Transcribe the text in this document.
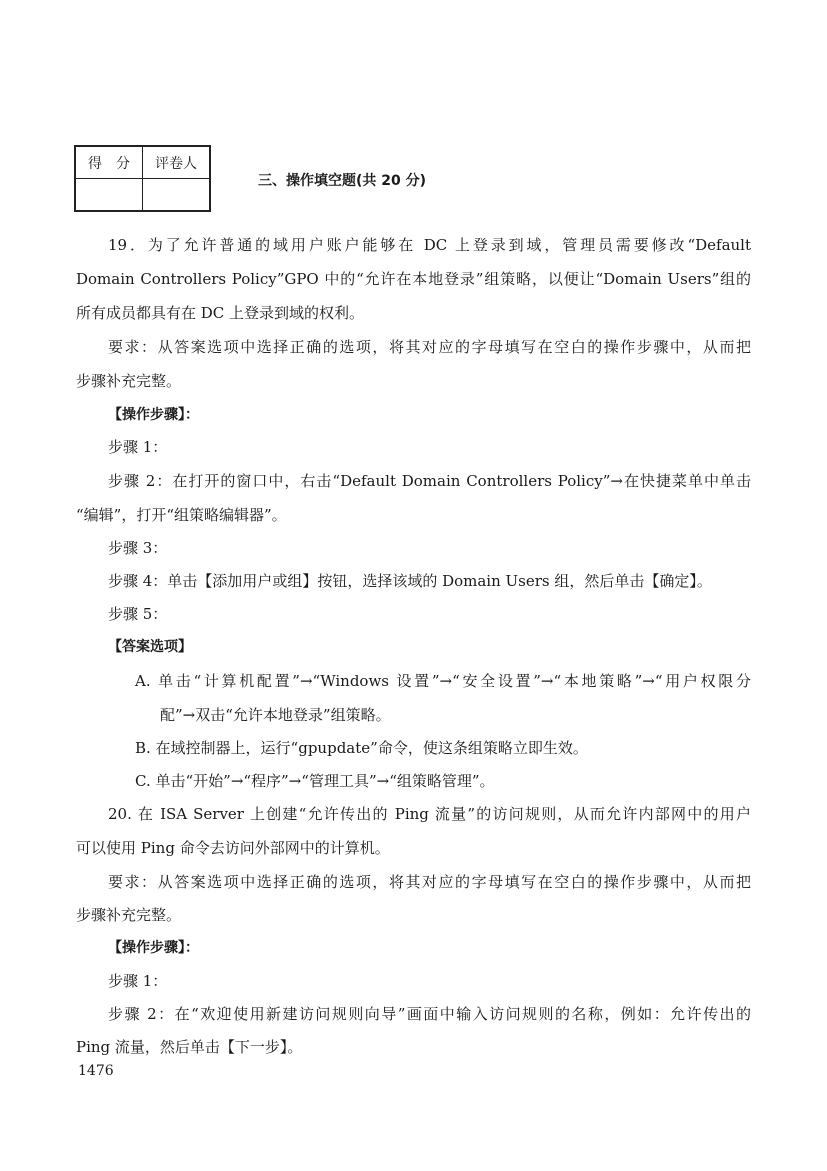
得　分	评卷人

三、操作填空题(共 20 分)
19．为了允许普通的域用户账户能够在 DC 上登录到域，管理员需要修改“Default
Domain Controllers Policy”GPO 中的“允许在本地登录”组策略，以便让“Domain Users”组的
所有成员都具有在 DC 上登录到域的权利。
要求：从答案选项中选择正确的选项，将其对应的字母填写在空白的操作步骤中，从而把
步骤补充完整。
【操作步骤】：
步骤 1：
步骤 2：在打开的窗口中，右击“Default Domain Controllers Policy”→在快捷菜单中单击
“编辑”，打开“组策略编辑器”。
步骤 3：
步骤 4：单击【添加用户或组】按钮，选择该域的 Domain Users 组，然后单击【确定】。
步骤 5：
【答案选项】
A. 单击“计算机配置”→“Windows 设置”→“安全设置”→“本地策略”→“用户权限分
配”→双击“允许本地登录”组策略。
B. 在域控制器上，运行“gpupdate”命令，使这条组策略立即生效。
C. 单击“开始”→“程序”→“管理工具”→“组策略管理”。
20. 在 ISA Server 上创建“允许传出的 Ping 流量”的访问规则，从而允许内部网中的用户
可以使用 Ping 命令去访问外部网中的计算机。
要求：从答案选项中选择正确的选项，将其对应的字母填写在空白的操作步骤中，从而把
步骤补充完整。
【操作步骤】：
步骤 1：
步骤 2：在“欢迎使用新建访问规则向导”画面中输入访问规则的名称，例如：允许传出的
Ping 流量，然后单击【下一步】。
1476
